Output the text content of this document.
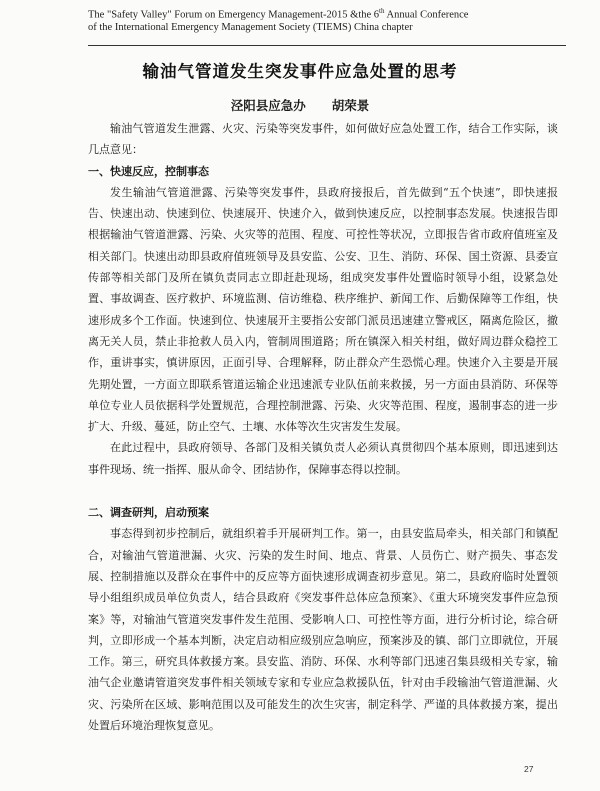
The "Safety Valley" Forum on Emergency Management-2015 &the 6th Annual Conference
of the International Emergency Management Society (TIEMS) China chapter
输油气管道发生突发事件应急处置的思考
泾阳县应急办 胡荣景

输油气管道发生泄露、火灾、污染等突发事件，如何做好应急处置工作，结合工作实际，谈几点意见：

一、快速反应，控制事态

发生输油气管道泄露、污染等突发事件，县政府接报后，首先做到“五个快速”，即快速报告、快速出动、快速到位、快速展开、快速介入，做到快速反应，以控制事态发展。快速报告即根据输油气管道泄露、污染、火灾等的范围、程度、可控性等状况，立即报告省市政府值班室及相关部门。快速出动即县政府值班领导及县安监、公安、卫生、消防、环保、国土资源、县委宣传部等相关部门及所在镇负责同志立即赶赴现场，组成突发事件处置临时领导小组，设紧急处置、事故调查、医疗救护、环境监测、信访维稳、秩序维护、新闻工作、后勤保障等工作组，快速形成多个工作面。快速到位、快速展开主要指公安部门派员迅速建立警戒区，隔离危险区，撤离无关人员，禁止非抢救人员入内，管制周围道路；所在镇深入相关村组，做好周边群众稳控工作，重讲事实，慎讲原因，正面引导、合理解释，防止群众产生恐慌心理。快速介入主要是开展先期处置，一方面立即联系管道运输企业迅速派专业队伍前来救援，另一方面由县消防、环保等单位专业人员依据科学处置规范，合理控制泄露、污染、火灾等范围、程度，遏制事态的进一步扩大、升级、蔓延，防止空气、土壤、水体等次生灾害发生发展。

在此过程中，县政府领导、各部门及相关镇负责人必须认真贯彻四个基本原则，即迅速到达事件现场、统一指挥、服从命令、团结协作，保障事态得以控制。

二、调查研判，启动预案

事态得到初步控制后，就组织着手开展研判工作。第一，由县安监局牵头，相关部门和镇配合，对输油气管道泄漏、火灾、污染的发生时间、地点、背景、人员伤亡、财产损失、事态发展、控制措施以及群众在事件中的反应等方面快速形成调查初步意见。第二，县政府临时处置领导小组组织成员单位负责人，结合县政府《突发事件总体应急预案》、《重大环境突发事件应急预案》等，对输油气管道突发事件发生范围、受影响人口、可控性等方面，进行分析讨论，综合研判，立即形成一个基本判断，决定启动相应级别应急响应，预案涉及的镇、部门立即就位，开展工作。第三，研究具体救援方案。县安监、消防、环保、水利等部门迅速召集县级相关专家，输油气企业邀请管道突发事件相关领域专家和专业应急救援队伍，针对由手段输油气管道泄漏、火灾、污染所在区域、影响范围以及可能发生的次生灾害，制定科学、严谨的具体救援方案，提出处置后环境治理恢复意见。

27
